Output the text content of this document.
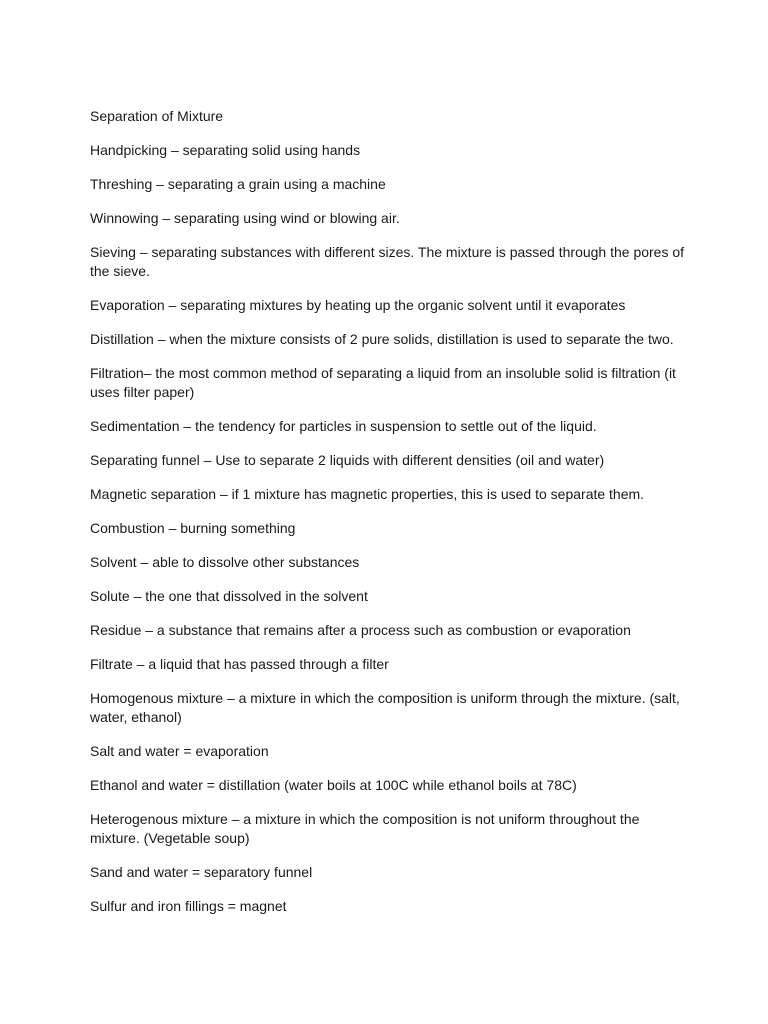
Separation of Mixture

Handpicking – separating solid using hands

Threshing – separating a grain using a machine

Winnowing – separating using wind or blowing air.

Sieving – separating substances with different sizes. The mixture is passed through the pores of the sieve.

Evaporation – separating mixtures by heating up the organic solvent until it evaporates

Distillation – when the mixture consists of 2 pure solids, distillation is used to separate the two.

Filtration– the most common method of separating a liquid from an insoluble solid is filtration (it uses filter paper)

Sedimentation – the tendency for particles in suspension to settle out of the liquid.

Separating funnel – Use to separate 2 liquids with different densities (oil and water)

Magnetic separation – if 1 mixture has magnetic properties, this is used to separate them.

Combustion – burning something

Solvent – able to dissolve other substances

Solute – the one that dissolved in the solvent

Residue – a substance that remains after a process such as combustion or evaporation

Filtrate – a liquid that has passed through a filter

Homogenous mixture – a mixture in which the composition is uniform through the mixture. (salt, water, ethanol)

Salt and water = evaporation

Ethanol and water = distillation (water boils at 100C while ethanol boils at 78C)

Heterogenous mixture – a mixture in which the composition is not uniform throughout the mixture. (Vegetable soup)

Sand and water = separatory funnel

Sulfur and iron fillings = magnet
